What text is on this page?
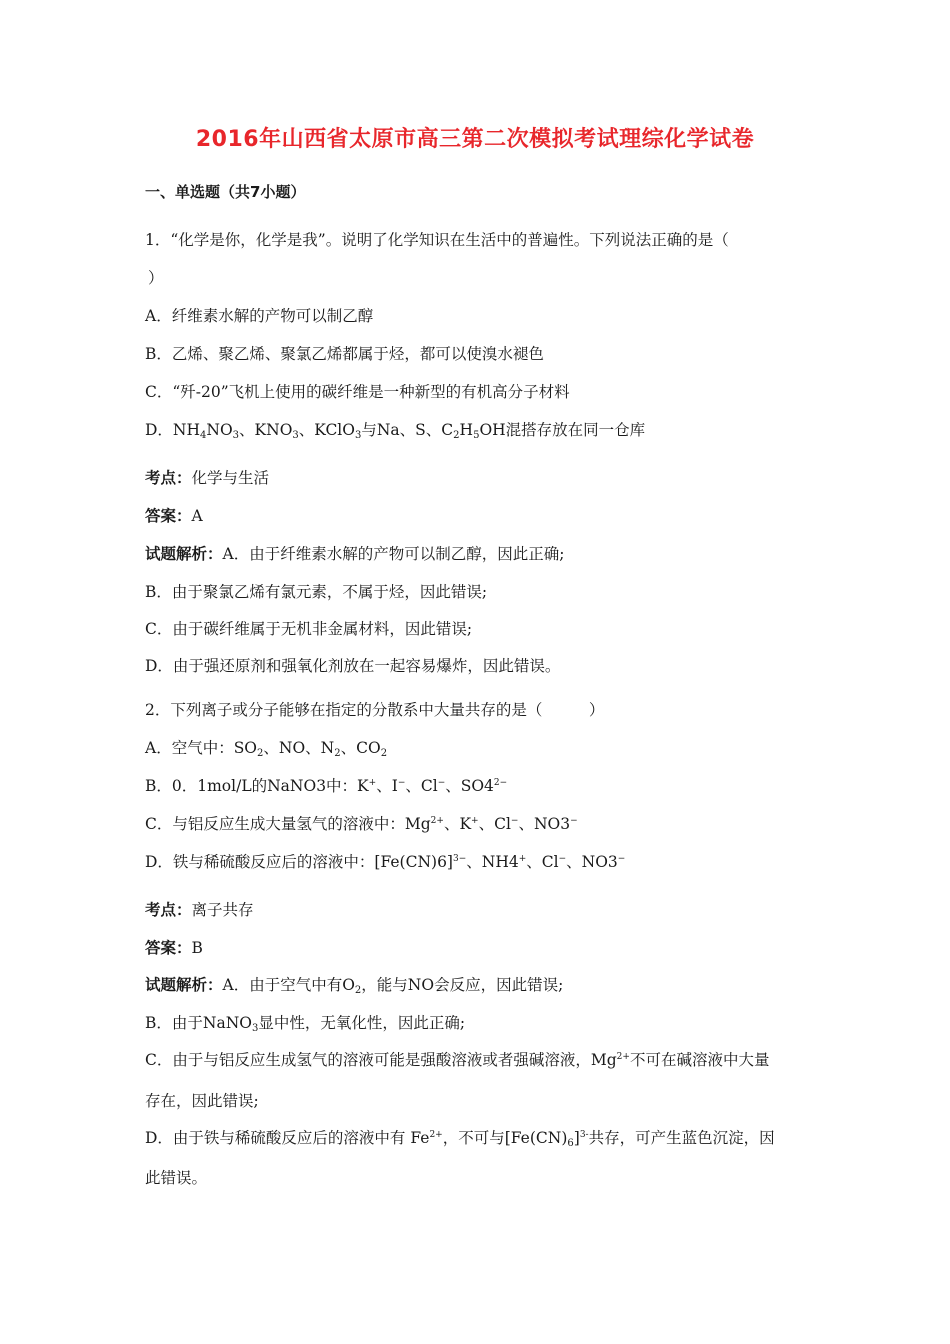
2016年山西省太原市高三第二次模拟考试理综化学试卷
一、单选题（共7小题）
1．“化学是你，化学是我”。说明了化学知识在生活中的普遍性。下列说法正确的是（
）
A．纤维素水解的产物可以制乙醇
B．乙烯、聚乙烯、聚氯乙烯都属于烃，都可以使溴水褪色
C．“歼-20”飞机上使用的碳纤维是一种新型的有机高分子材料
D．$NH_4NO_3$、$KNO_3$、KClO$_3$与Na、S、$C_2H_5OH$混搭存放在同一仓库
考点：化学与生活
答案：A
试题解析：A．由于纤维素水解的产物可以制乙醇，因此正确;
B．由于聚氯乙烯有氯元素，不属于烃，因此错误;
C．由于碳纤维属于无机非金属材料，因此错误;
D．由于强还原剂和强氧化剂放在一起容易爆炸，因此错误。
2．下列离子或分子能够在指定的分散系中大量共存的是（　　　）
A．空气中：$SO_2$、NO、$N_2$、$CO_2$
B．0．1mol/L的NaNO3中：K+、I−、Cl−、$SO4^{2-}$
C．与铝反应生成大量氢气的溶液中：$Mg^{2+}$、K+、Cl−、NO3−
D．铁与稀硫酸反应后的溶液中：$[Fe(CN)6]^{3-}$、NH4+、Cl−、NO3−
考点：离子共存
答案：B
试题解析：A．由于空气中有$O_2$，能与NO会反应，因此错误;
B．由于NaNO$_3$显中性，无氧化性，因此正确;
C．由于与铝反应生成氢气的溶液可能是强酸溶液或者强碱溶液，$Mg^{2+}$不可在碱溶液中大量
存在，因此错误;
D．由于铁与稀硫酸反应后的溶液中有 $Fe^{2+}$，不可与$[Fe(CN)_6]^{3-}$共存，可产生蓝色沉淀，因
此错误。
